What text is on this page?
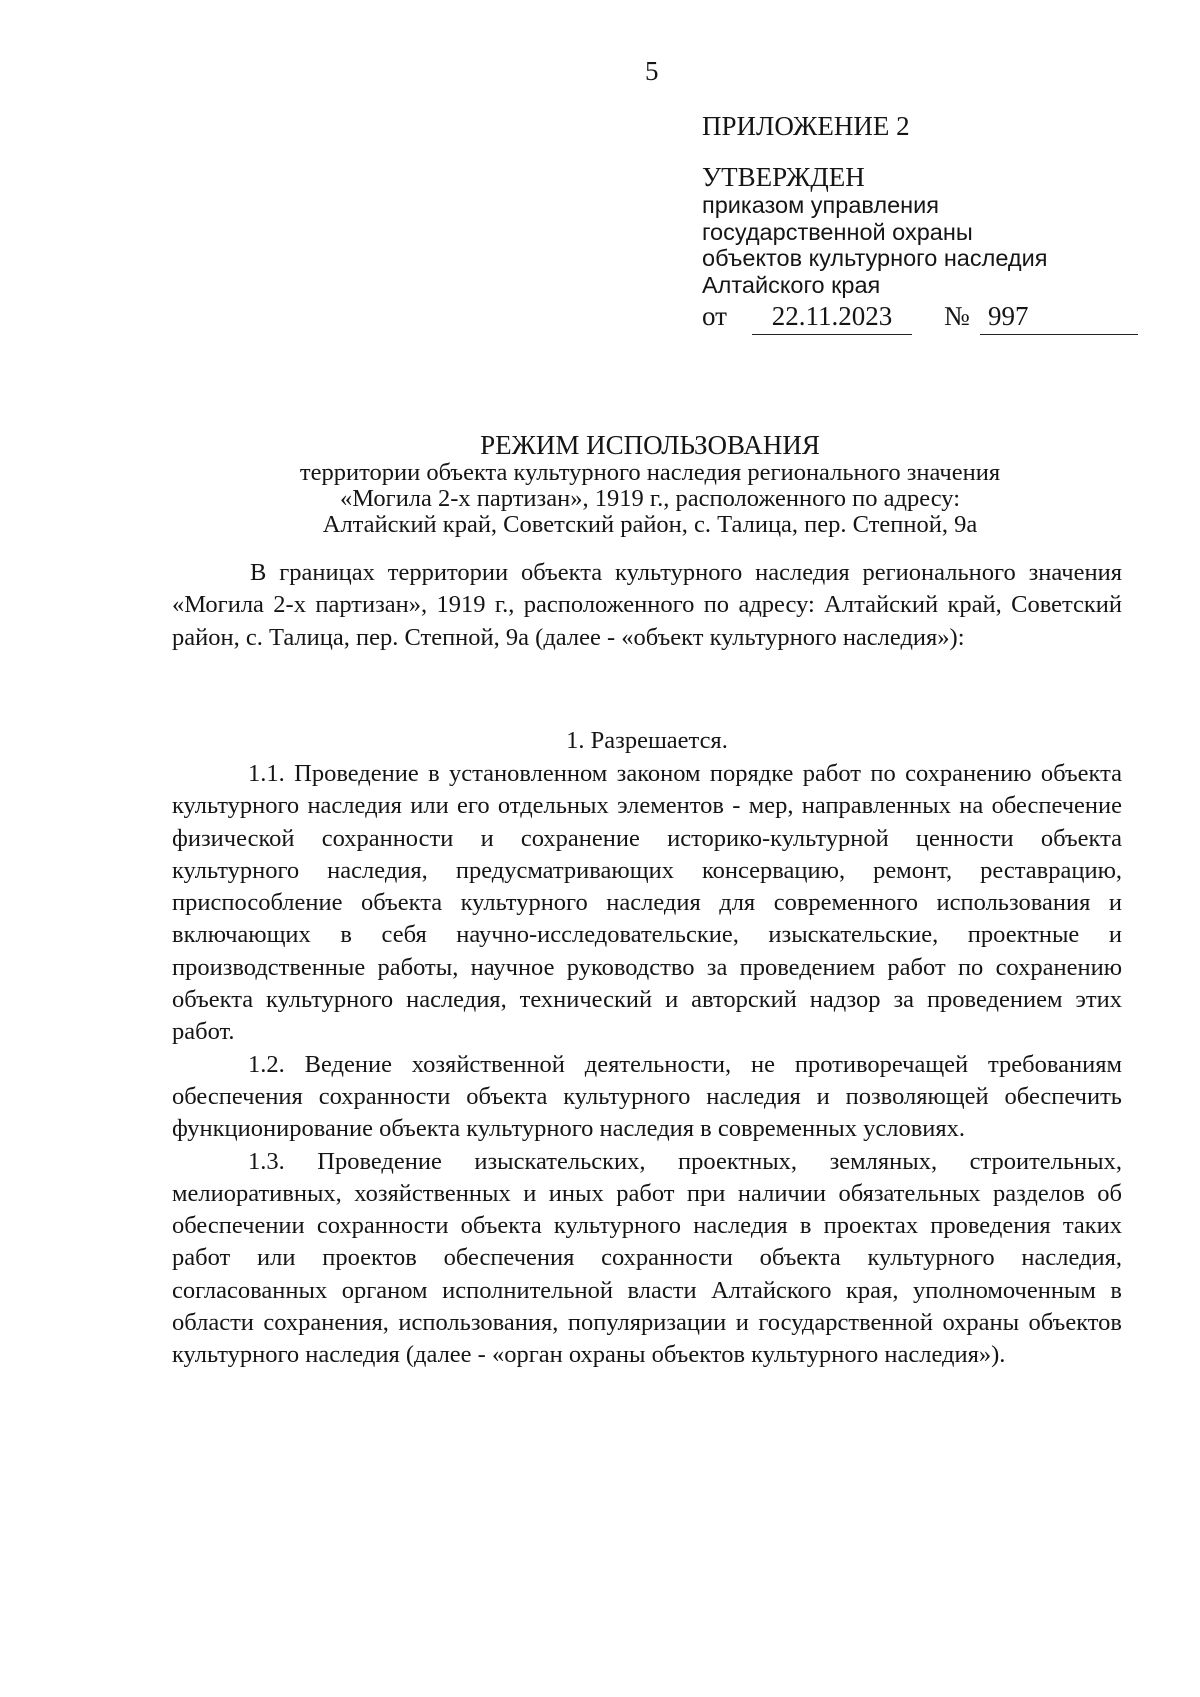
5
ПРИЛОЖЕНИЕ 2
УТВЕРЖДЕН
приказом управления
государственной охраны
объектов культурного наследия
Алтайского края
от	22.11.2023	№ 997
РЕЖИМ ИСПОЛЬЗОВАНИЯ
территории объекта культурного наследия регионального значения
«Могила 2-х партизан», 1919 г., расположенного по адресу:
Алтайский край, Советский район, с. Талица, пер. Степной, 9а

В границах территории объекта культурного наследия регионального значения «Могила 2-х партизан», 1919 г., расположенного по адресу: Алтайский край, Советский район, с. Талица, пер. Степной, 9а (далее - «объект культурного наследия»):

1. Разрешается.

1.1. Проведение в установленном законом порядке работ по сохранению объекта культурного наследия или его отдельных элементов - мер, направленных на обеспечение физической сохранности и сохранение историко-культурной ценности объекта культурного наследия, предусматривающих консервацию, ремонт, реставрацию, приспособление объекта культурного наследия для современного использования и включающих в себя научно-исследовательские, изыскательские, проектные и производственные работы, научное руководство за проведением работ по сохранению объекта культурного наследия, технический и авторский надзор за проведением этих работ.

1.2. Ведение хозяйственной деятельности, не противоречащей требованиям обеспечения сохранности объекта культурного наследия и позволяющей обеспечить функционирование объекта культурного наследия в современных условиях.

1.3. Проведение изыскательских, проектных, земляных, строительных, мелиоративных, хозяйственных и иных работ при наличии обязательных разделов об обеспечении сохранности объекта культурного наследия в проектах проведения таких работ или проектов обеспечения сохранности объекта культурного наследия, согласованных органом исполнительной власти Алтайского края, уполномоченным в области сохранения, использования, популяризации и государственной охраны объектов культурного наследия (далее - «орган охраны объектов культурного наследия»).
